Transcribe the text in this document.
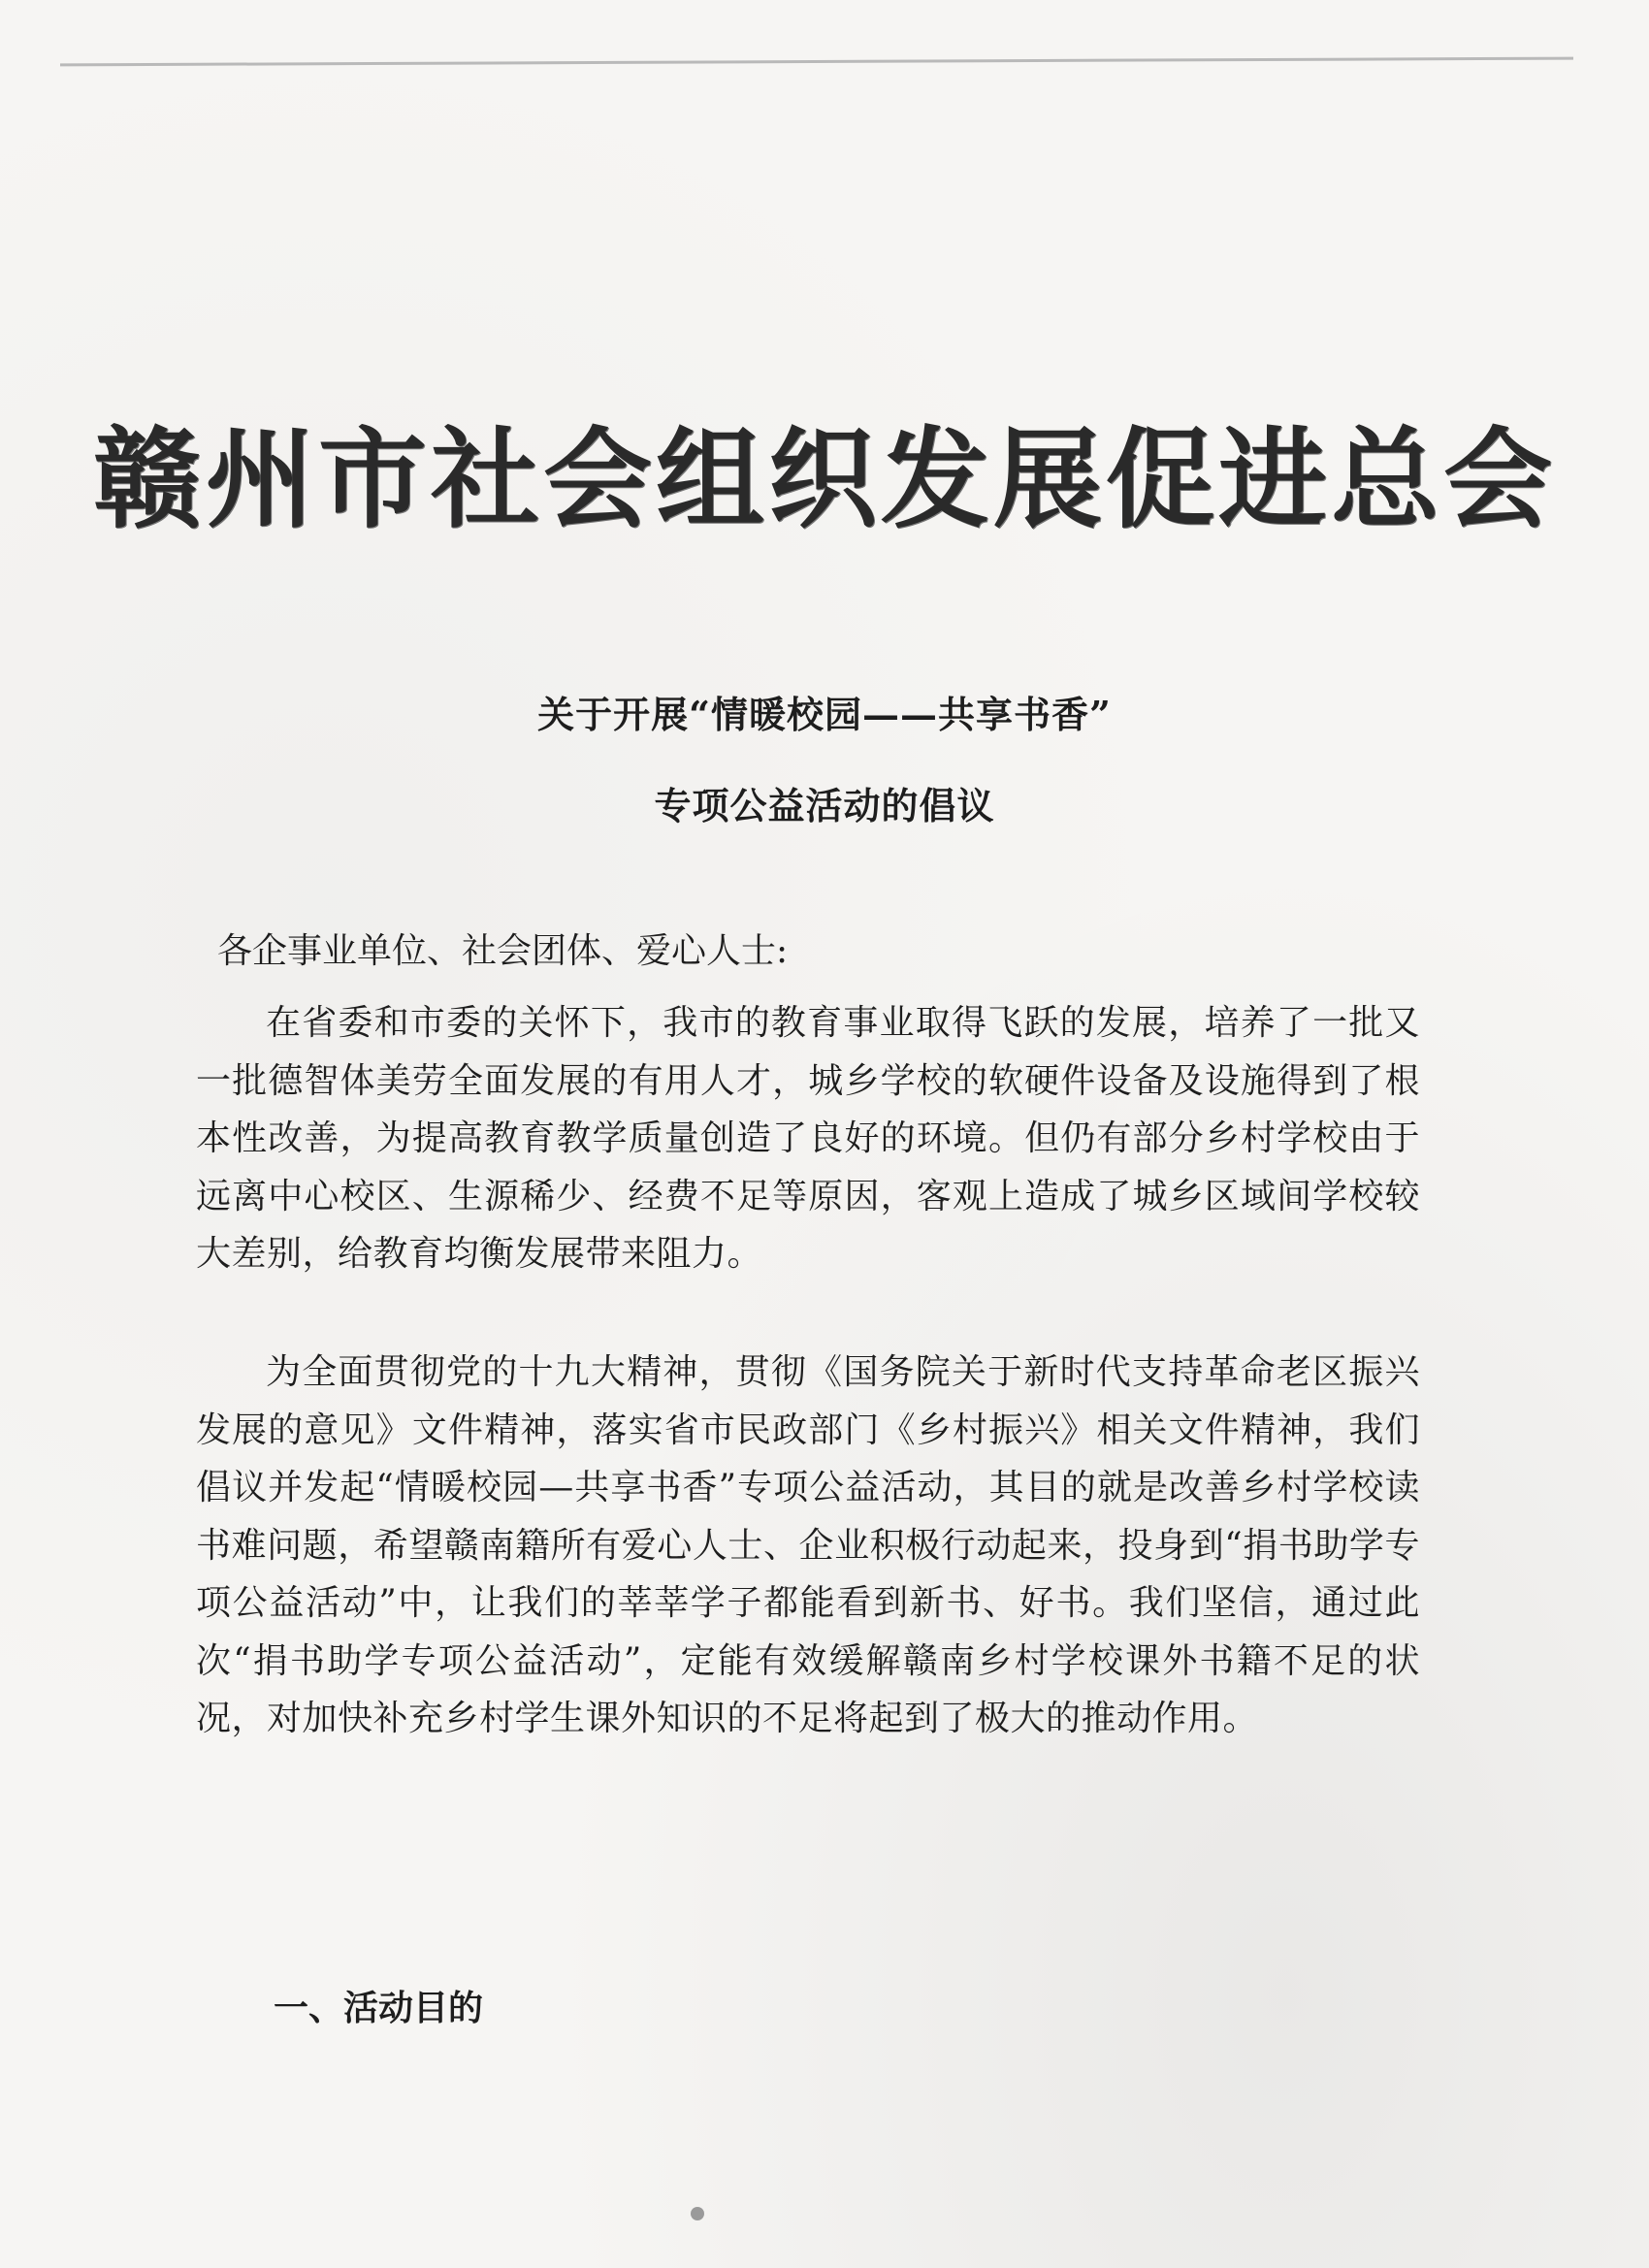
赣州市社会组织发展促进总会
关于开展“情暖校园——共享书香”
专项公益活动的倡议
各企事业单位、社会团体、爱心人士:
在省委和市委的关怀下，我市的教育事业取得飞跃的发展，培养了一批又一批德智体美劳全面发展的有用人才，城乡学校的软硬件设备及设施得到了根本性改善，为提高教育教学质量创造了良好的环境。但仍有部分乡村学校由于远离中心校区、生源稀少、经费不足等原因，客观上造成了城乡区域间学校较大差别，给教育均衡发展带来阻力。
为全面贯彻党的十九大精神，贯彻《国务院关于新时代支持革命老区振兴发展的意见》文件精神，落实省市民政部门《乡村振兴》相关文件精神，我们倡议并发起“情暖校园—共享书香”专项公益活动，其目的就是改善乡村学校读书难问题，希望赣南籍所有爱心人士、企业积极行动起来，投身到“捐书助学专项公益活动”中，让我们的莘莘学子都能看到新书、好书。我们坚信，通过此次“捐书助学专项公益活动”，定能有效缓解赣南乡村学校课外书籍不足的状况，对加快补充乡村学生课外知识的不足将起到了极大的推动作用。
一、活动目的
